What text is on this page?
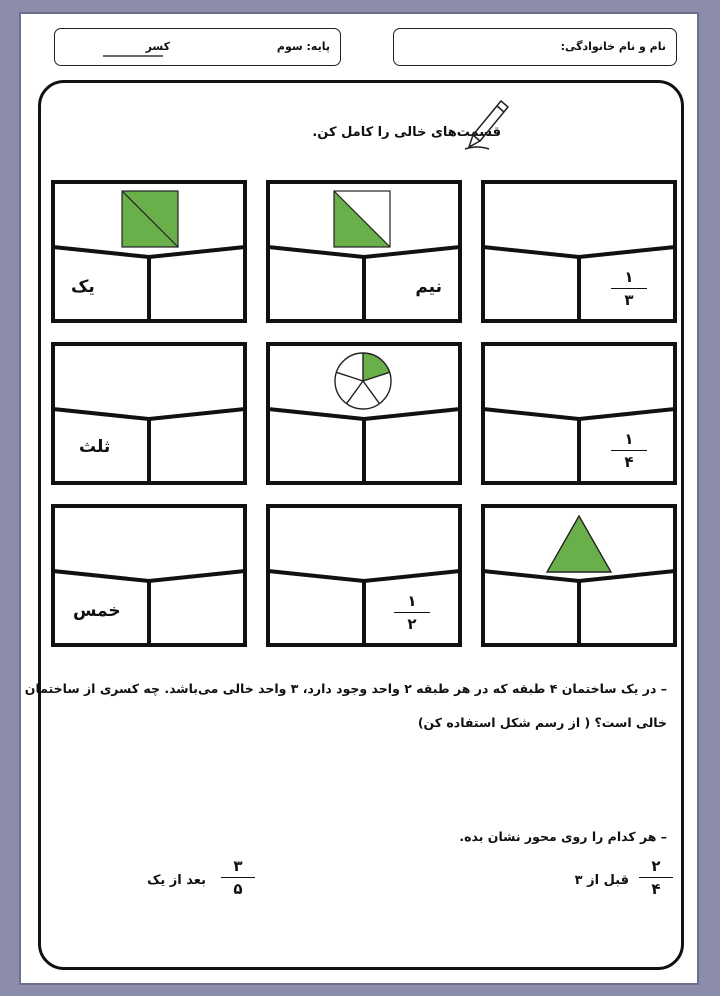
نام و نام خانوادگی:
پایه: سوم
کسر
قسمت‌های خالی را کامل کن.
یک	نیم	۱
۳
ثلث	۱
۴
خمس	۱
۲
– در یک ساختمان ۴ طبقه که در هر طبقه ۲ واحد وجود دارد، ۳ واحد خالی می‌باشد. چه کسری از ساختمان
خالی است؟ ( از رسم شکل استفاده کن)
– هر کدام را روی محور نشان بده.
۲
۴
قبل از ۳
۳
۵
بعد از یک
